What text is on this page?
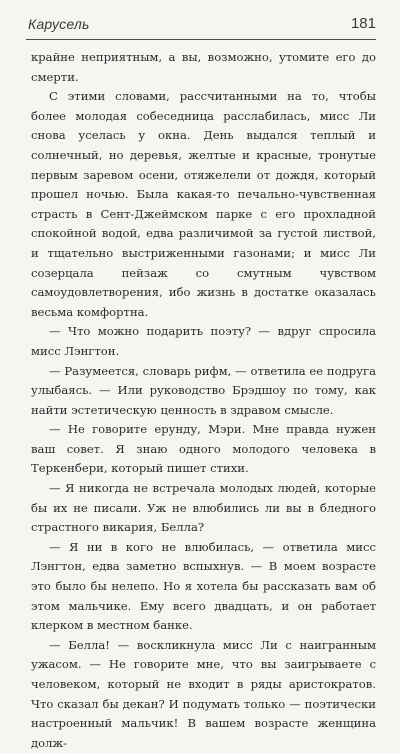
Карусель	181

крайне неприятным, а вы, возможно, утомите его до смерти.

С этими словами, рассчитанными на то, чтобы более молодая собеседница расслабилась, мисс Ли снова уселась у окна. День выдался теплый и солнечный, но деревья, желтые и красные, тронутые первым заревом осени, отяжелели от дождя, который прошел ночью. Была какая-то печально-чувственная страсть в Сент-Джеймском парке с его прохладной спокойной водой, едва различимой за густой листвой, и тщательно выстриженными газонами; и мисс Ли созерцала пейзаж со смутным чувством самоудовлетворения, ибо жизнь в достатке оказалась весьма комфортна.

— Что можно подарить поэту? — вдруг спросила мисс Лэнгтон.

— Разумеется, словарь рифм, — ответила ее подруга улыбаясь. — Или руководство Брэдшоу по тому, как найти эстетическую ценность в здравом смысле.

— Не говорите ерунду, Мэри. Мне правда нужен ваш совет. Я знаю одного молодого человека в Теркенбери, который пишет стихи.

— Я никогда не встречала молодых людей, которые бы их не писали. Уж не влюбились ли вы в бледного страстного викария, Белла?

— Я ни в кого не влюбилась, — ответила мисс Лэнгтон, едва заметно вспыхнув. — В моем возрасте это было бы нелепо. Но я хотела бы рассказать вам об этом мальчике. Ему всего двадцать, и он работает клерком в местном банке.

— Белла! — воскликнула мисс Ли с наигранным ужасом. — Не говорите мне, что вы заигрываете с человеком, который не входит в ряды аристократов. Что сказал бы декан? И подумать только — поэтически настроенный мальчик! В вашем возрасте женщина долж-
